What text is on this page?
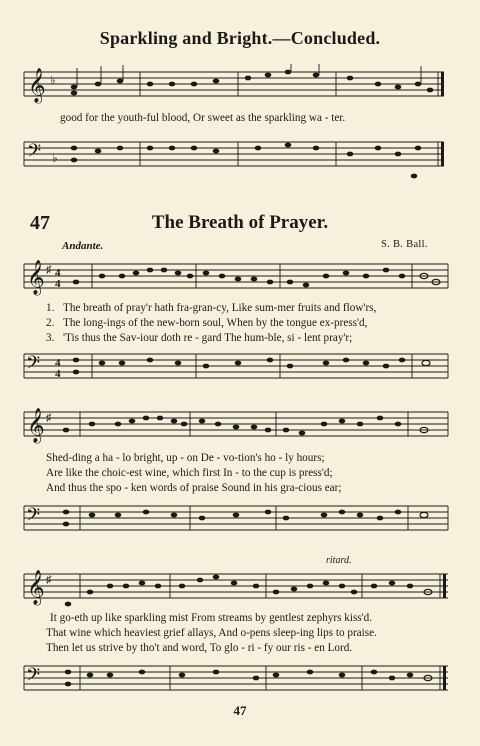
Sparkling and Bright.—Concluded.
𝄞 ♭
good for the youth-ful blood, Or sweet as the sparkling wa - ter.
𝄢 ♭
47	The Breath of Prayer.
Andante.	S. B. Ball.
𝄞 ♯ 4
4
1. The breath of pray'r hath fra-gran-cy, Like sum-mer fruits and flow'rs,
2. The long-ings of the new-born soul, When by the tongue ex-press'd,
3. 'Tis thus the Sav-iour doth re - gard The hum-ble, si - lent pray'r;
𝄢 4
4
𝄞 ♯
Shed-ding a ha - lo bright, up - on De - vo-tion's ho - ly hours;
Are like the choic-est wine, which first In - to the cup is press'd;
And thus the spo - ken words of praise Sound in his gra-cious ear;
𝄢
ritard.
𝄞 ♯
It go-eth up like sparkling mist From streams by gentlest zephyrs kiss'd.
That wine which heaviest grief allays, And o-pens sleep-ing lips to praise.
Then let us strive by tho't and word, To glo - ri - fy our ris - en Lord.
𝄢
47
